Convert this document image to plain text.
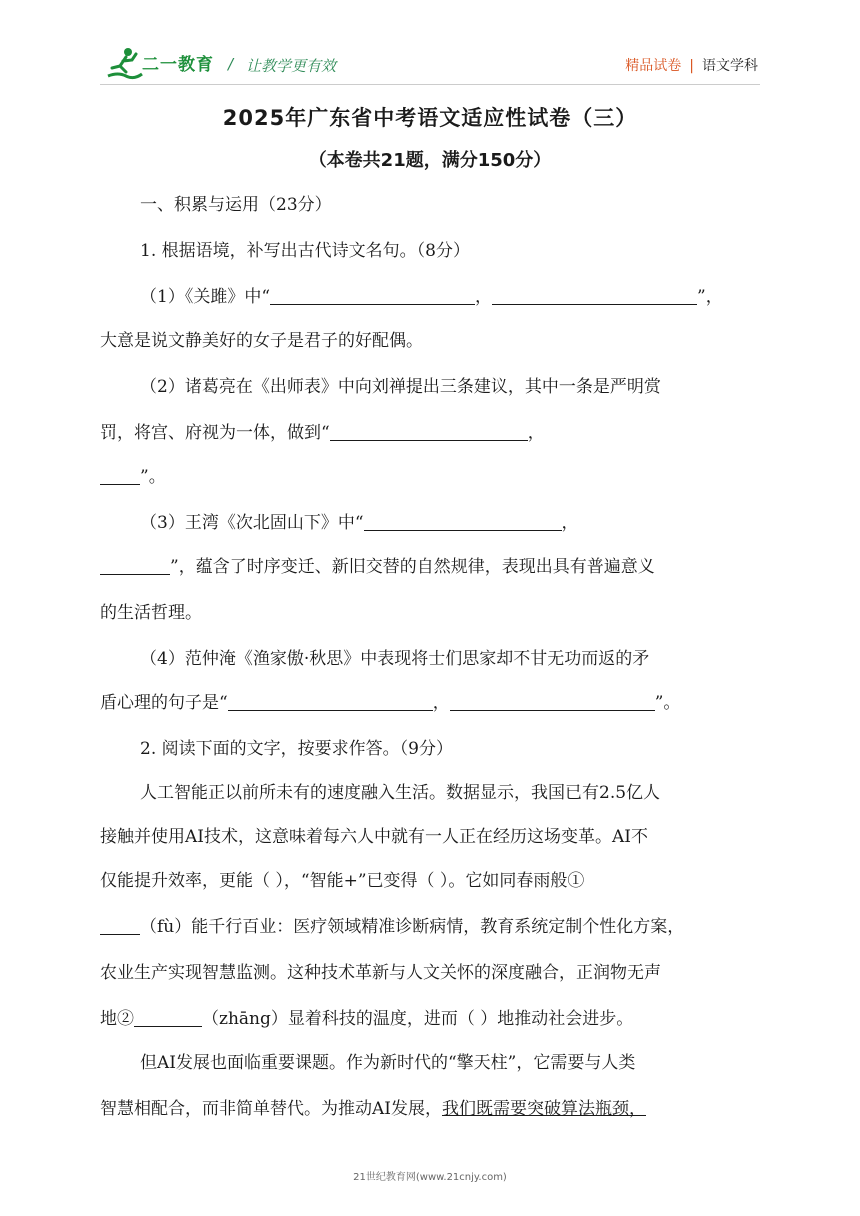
二一教育 / 让教学更有效	精品试卷 | 语文学科
2025年广东省中考语文适应性试卷（三）
（本卷共21题，满分150分）
一、积累与运用（23分）
1. 根据语境，补写出古代诗文名句。（8分）
（1）《关雎》中“	，	”，
大意是说文静美好的女子是君子的好配偶。
（2）诸葛亮在《出师表》中向刘禅提出三条建议，其中一条是严明赏
罚，将宫、府视为一体，做到“	，
”。
（3）王湾《次北固山下》中“	，
”，蕴含了时序变迁、新旧交替的自然规律，表现出具有普遍意义
的生活哲理。
（4）范仲淹《渔家傲·秋思》中表现将士们思家却不甘无功而返的矛
盾心理的句子是“	，	”。
2. 阅读下面的文字，按要求作答。（9分）
人工智能正以前所未有的速度融入生活。数据显示，我国已有2.5亿人
接触并使用AI技术，这意味着每六人中就有一人正在经历这场变革。AI不
仅能提升效率，更能（ ），“智能+”已变得（ ）。它如同春雨般①
（fù）能千行百业：医疗领域精准诊断病情，教育系统定制个性化方案，
农业生产实现智慧监测。这种技术革新与人文关怀的深度融合，正润物无声
地②	（zhāng）显着科技的温度，进而（ ）地推动社会进步。
但AI发展也面临重要课题。作为新时代的“擎天柱”，它需要与人类
智慧相配合，而非简单替代。为推动AI发展，我们既需要突破算法瓶颈，
21世纪教育网(www.21cnjy.com)
